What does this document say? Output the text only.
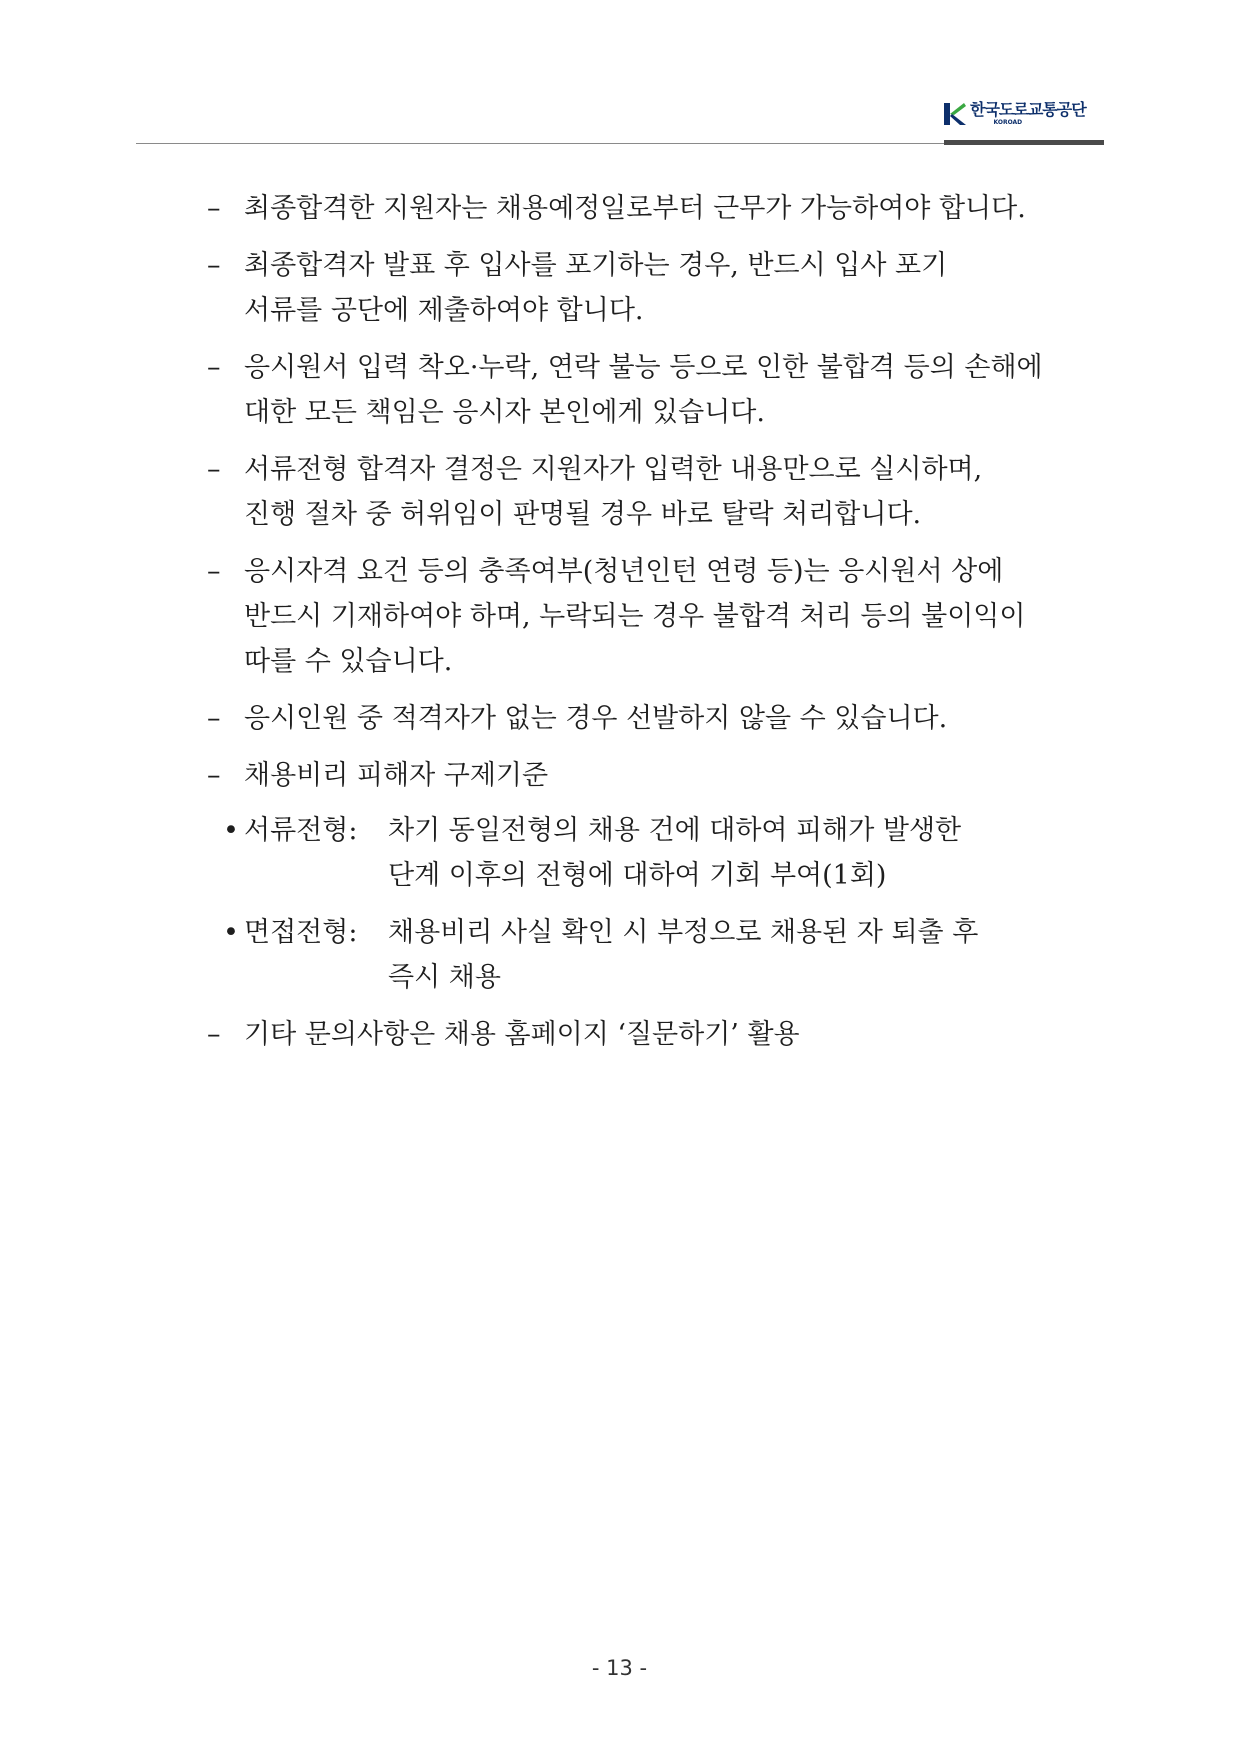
한국도로교통공단
KOROAD
– 최종합격한 지원자는 채용예정일로부터 근무가 가능하여야 합니다.
– 최종합격자 발표 후 입사를 포기하는 경우, 반드시 입사 포기
서류를 공단에 제출하여야 합니다.
– 응시원서 입력 착오·누락, 연락 불능 등으로 인한 불합격 등의 손해에
대한 모든 책임은 응시자 본인에게 있습니다.
– 서류전형 합격자 결정은 지원자가 입력한 내용만으로 실시하며,
진행 절차 중 허위임이 판명될 경우 바로 탈락 처리합니다.
– 응시자격 요건 등의 충족여부(청년인턴 연령 등)는 응시원서 상에
반드시 기재하여야 하며, 누락되는 경우 불합격 처리 등의 불이익이
따를 수 있습니다.
– 응시인원 중 적격자가 없는 경우 선발하지 않을 수 있습니다.
– 채용비리 피해자 구제기준
• 서류전형: 차기 동일전형의 채용 건에 대하여 피해가 발생한
단계 이후의 전형에 대하여 기회 부여(1회)
• 면접전형: 채용비리 사실 확인 시 부정으로 채용된 자 퇴출 후
즉시 채용
– 기타 문의사항은 채용 홈페이지 ‘질문하기’ 활용
- 13 -
